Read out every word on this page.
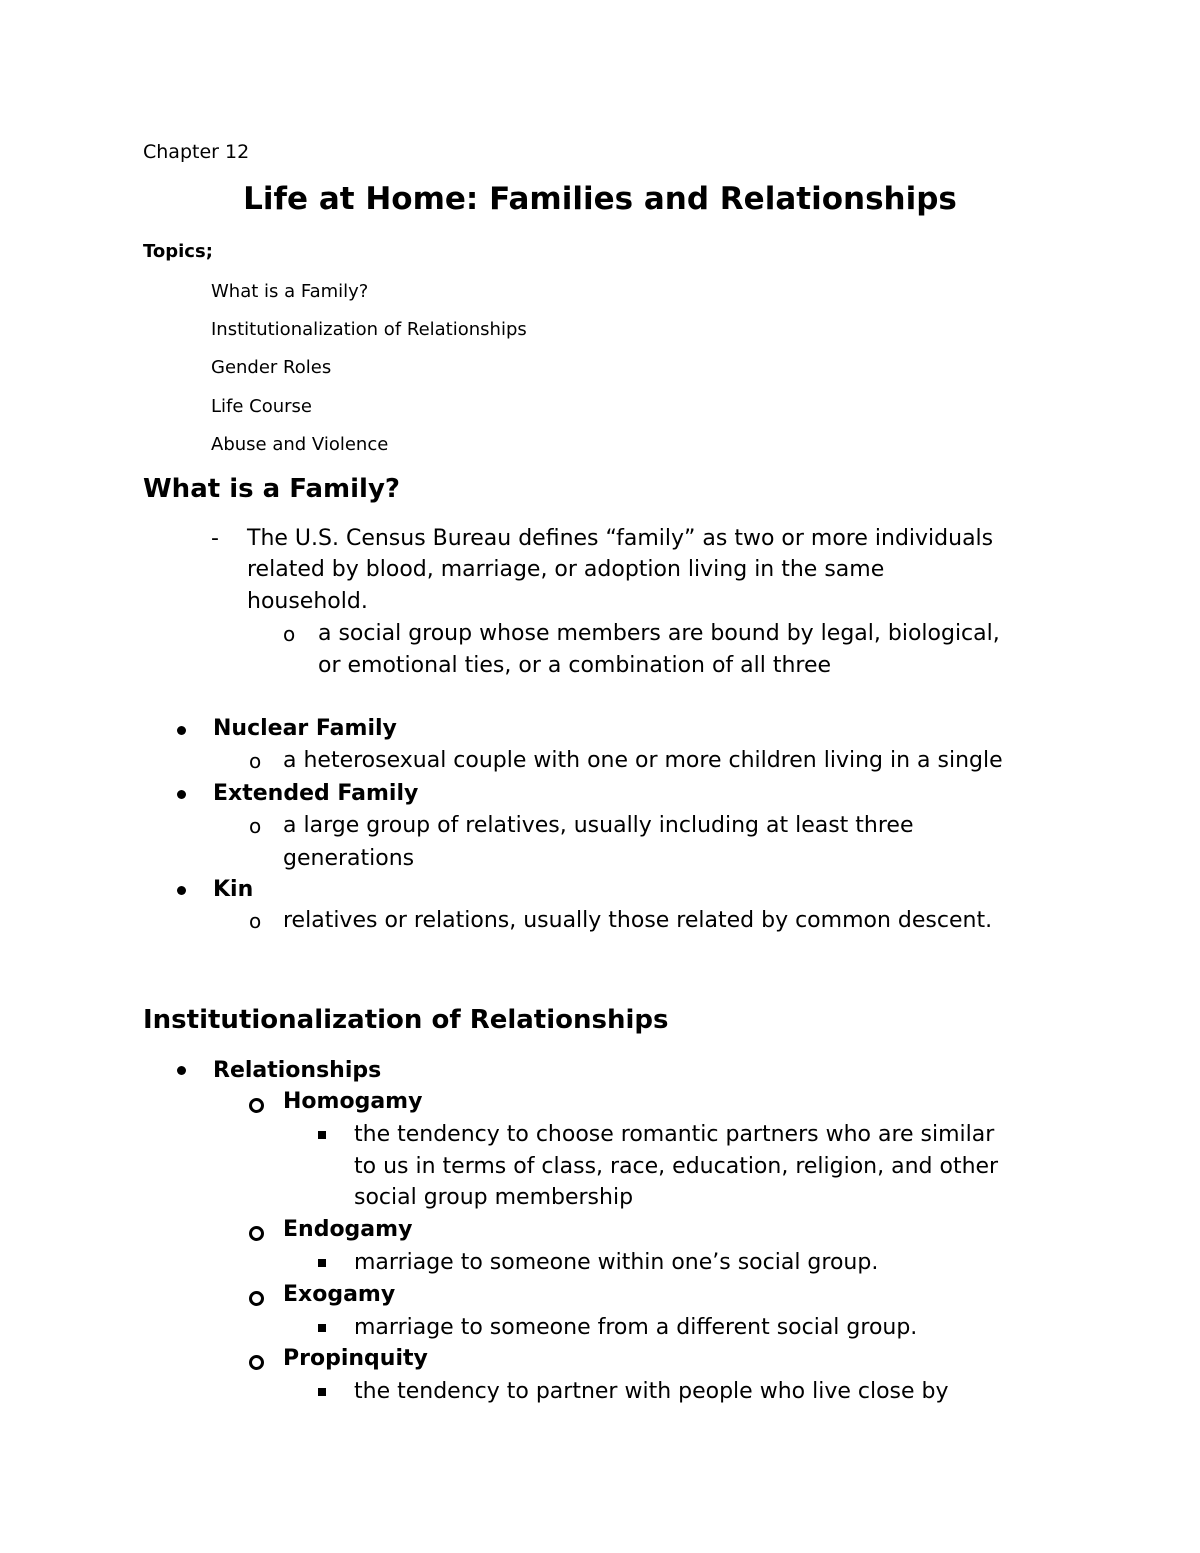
Chapter 12
Life at Home: Families and Relationships
Topics;
What is a Family?
Institutionalization of Relationships
Gender Roles
Life Course
Abuse and Violence
What is a Family?
- The U.S. Census Bureau defines “family” as two or more individuals
related by blood, marriage, or adoption living in the same
household.
o a social group whose members are bound by legal, biological,
or emotional ties, or a combination of all three
Nuclear Family
o a heterosexual couple with one or more children living in a single
Extended Family
o a large group of relatives, usually including at least three
generations
Kin
o relatives or relations, usually those related by common descent.
Institutionalization of Relationships
Relationships
Homogamy
the tendency to choose romantic partners who are similar
to us in terms of class, race, education, religion, and other
social group membership
Endogamy
marriage to someone within one’s social group.
Exogamy
marriage to someone from a different social group.
Propinquity
the tendency to partner with people who live close by
